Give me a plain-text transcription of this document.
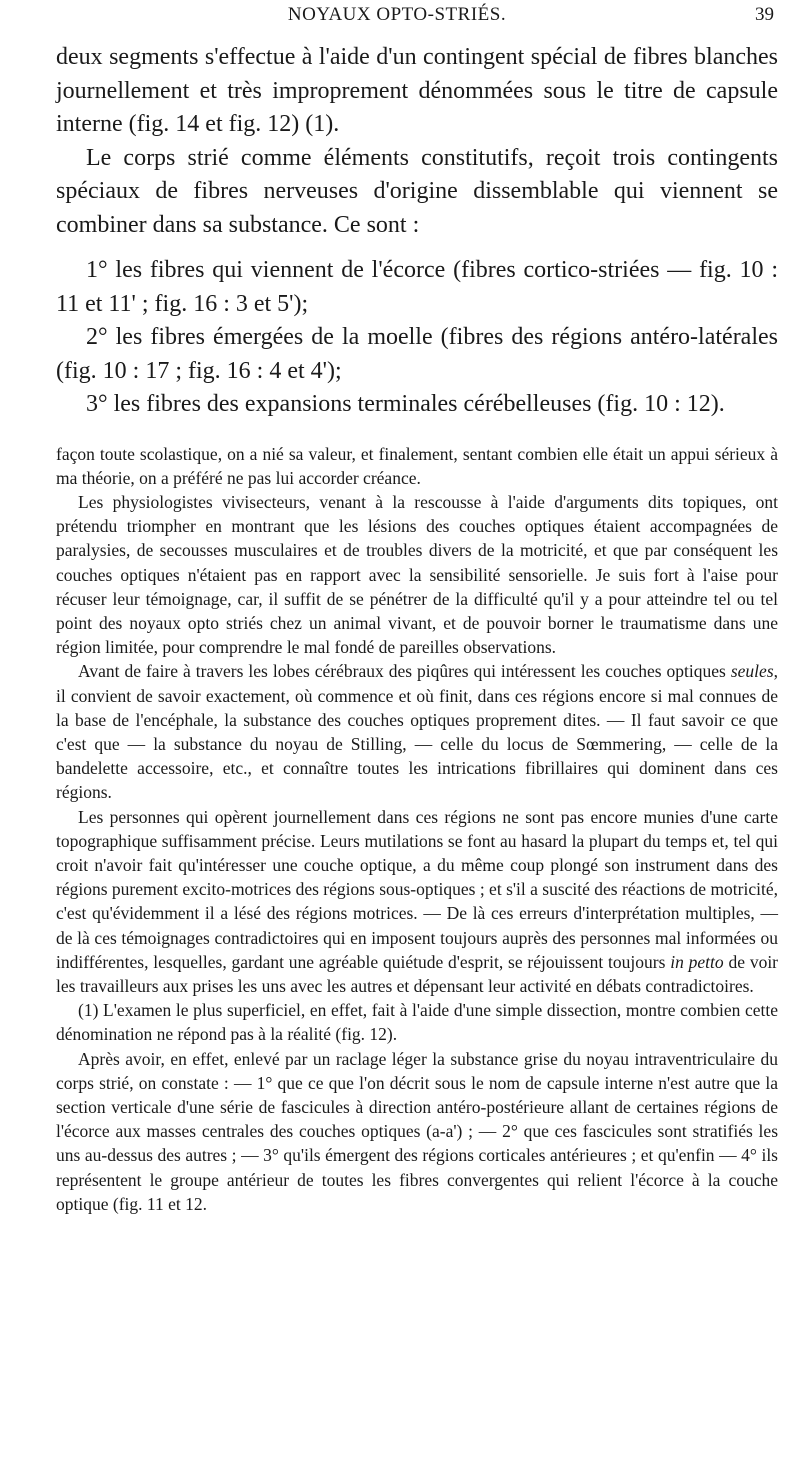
NOYAUX OPTO-STRIÉS.	39

deux segments s'effectue à l'aide d'un contingent spécial de fibres blanches journellement et très improprement dénommées sous le titre de capsule interne (fig. 14 et fig. 12) (1).

Le corps strié comme éléments constitutifs, reçoit trois contingents spéciaux de fibres nerveuses d'origine dissemblable qui viennent se combiner dans sa substance. Ce sont :

1° les fibres qui viennent de l'écorce (fibres cortico-striées — fig. 10 : 11 et 11' ; fig. 16 : 3 et 5');

2° les fibres émergées de la moelle (fibres des régions antéro-latérales (fig. 10 : 17 ; fig. 16 : 4 et 4');

3° les fibres des expansions terminales cérébelleuses (fig. 10 : 12).

façon toute scolastique, on a nié sa valeur, et finalement, sentant combien elle était un appui sérieux à ma théorie, on a préféré ne pas lui accorder créance.

Les physiologistes vivisecteurs, venant à la rescousse à l'aide d'arguments dits topiques, ont prétendu triompher en montrant que les lésions des couches optiques étaient accompagnées de paralysies, de secousses musculaires et de troubles divers de la motricité, et que par conséquent les couches optiques n'étaient pas en rapport avec la sensibilité sensorielle. Je suis fort à l'aise pour récuser leur témoignage, car, il suffit de se pénétrer de la difficulté qu'il y a pour atteindre tel ou tel point des noyaux opto striés chez un animal vivant, et de pouvoir borner le traumatisme dans une région limitée, pour comprendre le mal fondé de pareilles observations.

Avant de faire à travers les lobes cérébraux des piqûres qui intéressent les couches optiques seules, il convient de savoir exactement, où commence et où finit, dans ces régions encore si mal connues de la base de l'encéphale, la substance des couches optiques proprement dites. — Il faut savoir ce que c'est que — la substance du noyau de Stilling, — celle du locus de Sœmmering, — celle de la bandelette accessoire, etc., et connaître toutes les intrications fibrillaires qui dominent dans ces régions.

Les personnes qui opèrent journellement dans ces régions ne sont pas encore munies d'une carte topographique suffisamment précise. Leurs mutilations se font au hasard la plupart du temps et, tel qui croit n'avoir fait qu'intéresser une couche optique, a du même coup plongé son instrument dans des régions purement excito-motrices des régions sous-optiques ; et s'il a suscité des réactions de motricité, c'est qu'évidemment il a lésé des régions motrices. — De là ces erreurs d'interprétation multiples, — de là ces témoignages contradictoires qui en imposent toujours auprès des personnes mal informées ou indifférentes, lesquelles, gardant une agréable quiétude d'esprit, se réjouissent toujours in petto de voir les travailleurs aux prises les uns avec les autres et dépensant leur activité en débats contradictoires.

(1) L'examen le plus superficiel, en effet, fait à l'aide d'une simple dissection, montre combien cette dénomination ne répond pas à la réalité (fig. 12).

Après avoir, en effet, enlevé par un raclage léger la substance grise du noyau intraventriculaire du corps strié, on constate : — 1° que ce que l'on décrit sous le nom de capsule interne n'est autre que la section verticale d'une série de fascicules à direction antéro-postérieure allant de certaines régions de l'écorce aux masses centrales des couches optiques (a-a') ; — 2° que ces fascicules sont stratifiés les uns au-dessus des autres ; — 3° qu'ils émergent des régions corticales antérieures ; et qu'enfin — 4° ils représentent le groupe antérieur de toutes les fibres convergentes qui relient l'écorce à la couche optique (fig. 11 et 12.
